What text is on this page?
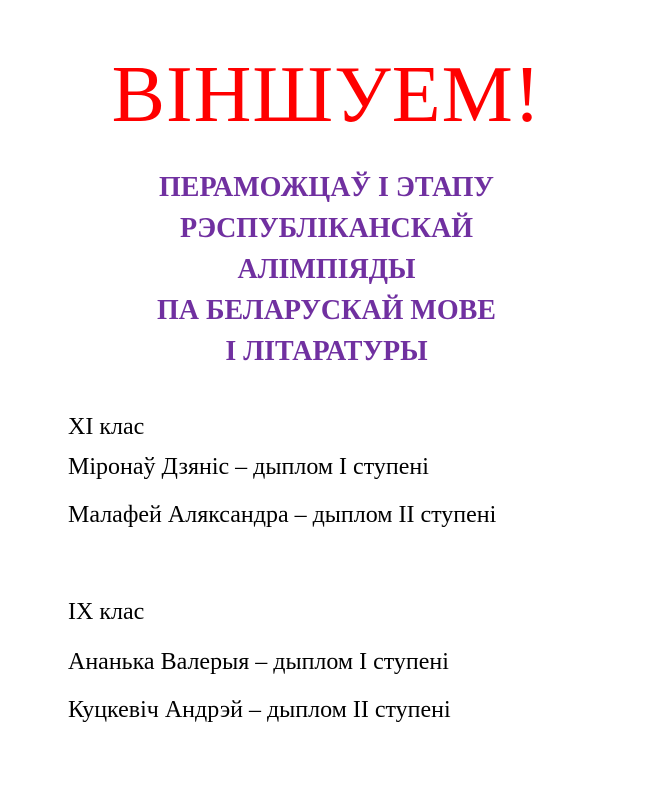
ВІНШУЕМ!
ПЕРАМОЖЦАЎ І ЭТАПУ
РЭСПУБЛІКАНСКАЙ
АЛІМПІЯДЫ
ПА БЕЛАРУСКАЙ МОВЕ
І ЛІТАРАТУРЫ
XI клас
Міронаў Дзяніс – дыплом І ступені
Малафей Аляксандра – дыплом ІІ ступені
IX клас
Ананька Валерыя – дыплом І ступені
Куцкевіч Андрэй – дыплом ІІ ступені
